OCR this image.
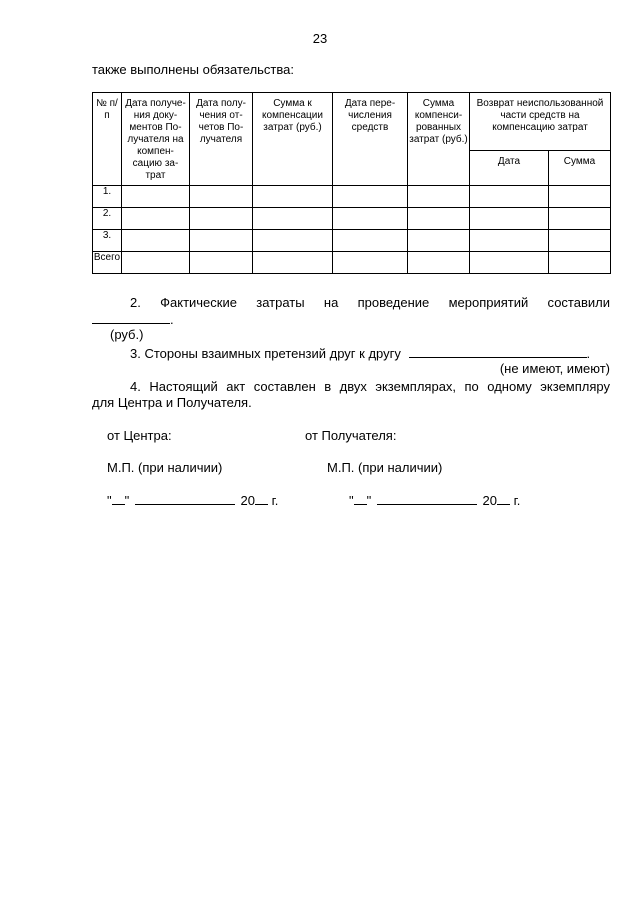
23
также выполнены обязательства:
№ п/п	Дата получе-ния доку-ментов По-лучателя на компен-сацию за-трат	Дата полу-чения от-четов По-лучателя	Сумма к компенсации затрат (руб.)	Дата пере-числения средств	Сумма компенси-рованных затрат (руб.)	Возврат неиспользованной части средств на компенсацию затрат	
						Дата	Сумма
1.							
2.							
3.							
Всего							
2. Фактические затраты на проведение мероприятий составили
.
(руб.)
3. Стороны взаимных претензий друг к другу	.
(не имеют, имеют)
4. Настоящий акт составлен в двух экземплярах, по одному экземпляру
для Центра и Получателя.
от Центра:	от Получателя:
М.П. (при наличии)	М.П. (при наличии)
" "	20 г.	" "	20 г.
